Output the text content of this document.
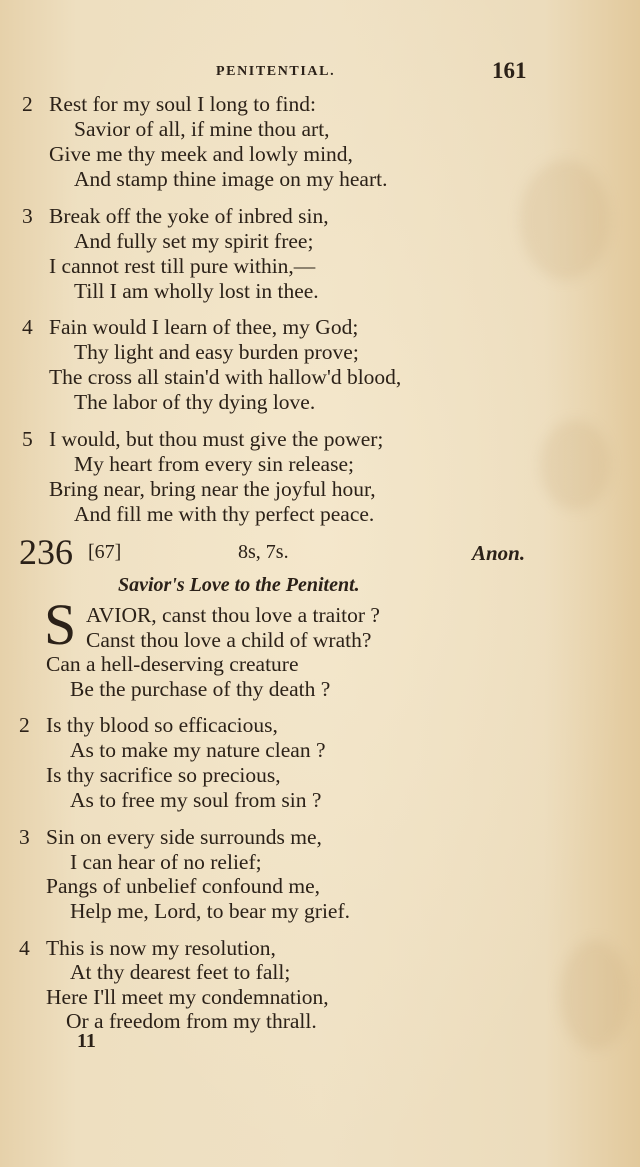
PENITENTIAL.	161
2 Rest for my soul I long to find:
Savior of all, if mine thou art,
Give me thy meek and lowly mind,
And stamp thine image on my heart.
3 Break off the yoke of inbred sin,
And fully set my spirit free;
I cannot rest till pure within,—
Till I am wholly lost in thee.
4 Fain would I learn of thee, my God;
Thy light and easy burden prove;
The cross all stain'd with hallow'd blood,
The labor of thy dying love.
5 I would, but thou must give the power;
My heart from every sin release;
Bring near, bring near the joyful hour,
And fill me with thy perfect peace.
236 [67]	8s, 7s.	Anon.
Savior's Love to the Penitent.
S AVIOR, canst thou love a traitor ?
Canst thou love a child of wrath?
Can a hell-deserving creature
Be the purchase of thy death ?
2 Is thy blood so efficacious,
As to make my nature clean ?
Is thy sacrifice so precious,
As to free my soul from sin ?
3 Sin on every side surrounds me,
I can hear of no relief;
Pangs of unbelief confound me,
Help me, Lord, to bear my grief.
4 This is now my resolution,
At thy dearest feet to fall;
Here I'll meet my condemnation,
Or a freedom from my thrall.
11
